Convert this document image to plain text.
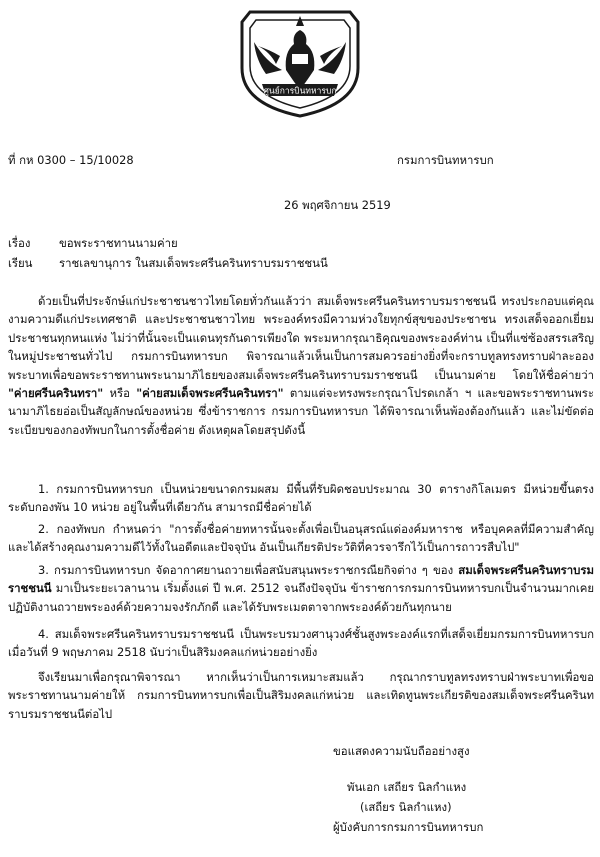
ศูนย์การบินทหารบก
ที่ กห 0300 – 15/10028	กรมการบินทหารบก
26 พฤศจิกายน 2519
เรื่อง	ขอพระราชทานนามค่าย
เรียน ราชเลขานุการ ในสมเด็จพระศรีนครินทราบรมราชชนนี

ด้วยเป็นที่ประจักษ์แก่ประชาชนชาวไทยโดยทั่วกันแล้วว่า สมเด็จพระศรีนครินทราบรมราชชนนี ทรงประกอบแต่คุณงามความดีแก่ประเทศชาติ และประชาชนชาวไทย พระองค์ทรงมีความห่วงใยทุกข์สุขของประชาชน ทรงเสด็จออกเยี่ยมประชาชนทุกหนแห่ง ไม่ว่าที่นั้นจะเป็นแดนทุรกันดารเพียงใด พระมหากรุณาธิคุณของพระองค์ท่าน เป็นที่แซ่ซ้องสรรเสริญในหมู่ประชาชนทั่วไป กรมการบินทหารบก พิจารณาแล้วเห็นเป็นการสมควรอย่างยิ่งที่จะกราบทูลทรงทราบฝ่าละอองพระบาทเพื่อขอพระราชทานพระนามาภิไธยของสมเด็จพระศรีนครินทราบรมราชชนนี เป็นนามค่าย โดยให้ชื่อค่ายว่า "ค่ายศรีนครินทรา" หรือ "ค่ายสมเด็จพระศรีนครินทรา" ตามแต่จะทรงพระกรุณาโปรดเกล้า ฯ และขอพระราชทานพระนามาภิไธยอ่อเป็นสัญลักษณ์ของหน่วย ซึ่งข้าราชการ กรมการบินทหารบก ได้พิจารณาเห็นพ้องต้องกันแล้ว และไม่ขัดต่อระเบียบของกองทัพบกในการตั้งชื่อค่าย ดังเหตุผลโดยสรุปดังนี้

1. กรมการบินทหารบก เป็นหน่วยขนาดกรมผสม มีพื้นที่รับผิดชอบประมาณ 30 ตารางกิโลเมตร มีหน่วยขึ้นตรงระดับกองพัน 10 หน่วย อยู่ในพื้นที่เดียวกัน สามารถมีชื่อค่ายได้

2. กองทัพบก กำหนดว่า "การตั้งชื่อค่ายทหารนั้นจะตั้งเพื่อเป็นอนุสรณ์แด่องค์มหาราช หรือบุคคลที่มีความสำคัญและได้สร้างคุณงามความดีไว้ทั้งในอดีตและปัจจุบัน อันเป็นเกียรติประวัติที่ควรจารึกไว้เป็นการถาวรสืบไป"

3. กรมการบินทหารบก จัดอากาศยานถวายเพื่อสนับสนุนพระราชกรณียกิจต่าง ๆ ของ สมเด็จพระศรีนครินทราบรมราชชนนี มาเป็นระยะเวลานาน เริ่มตั้งแต่ ปี พ.ศ. 2512 จนถึงปัจจุบัน ข้าราชการกรมการบินทหารบกเป็นจำนวนมากเคยปฏิบัติงานถวายพระองค์ด้วยความจงรักภักดี และได้รับพระเมตตาจากพระองค์ด้วยกันทุกนาย

4. สมเด็จพระศรีนครินทราบรมราชชนนี เป็นพระบรมวงศานุวงศ์ชั้นสูงพระองค์แรกที่เสด็จเยี่ยมกรมการบินทหารบก เมื่อวันที่ 9 พฤษภาคม 2518 นับว่าเป็นสิริมงคลแก่หน่วยอย่างยิ่ง

จึงเรียนมาเพื่อกรุณาพิจารณา หากเห็นว่าเป็นการเหมาะสมแล้ว กรุณากราบทูลทรงทราบฝ่าพระบาทเพื่อขอพระราชทานนามค่ายให้ กรมการบินทหารบกเพื่อเป็นสิริมงคลแก่หน่วย และเทิดทูนพระเกียรติของสมเด็จพระศรีนครินทราบรมราชชนนีต่อไป

ขอแสดงความนับถืออย่างสูง
พันเอก เสถียร นิลกำแหง
(เสถียร นิลกำแหง)
ผู้บังคับการกรมการบินทหารบก
